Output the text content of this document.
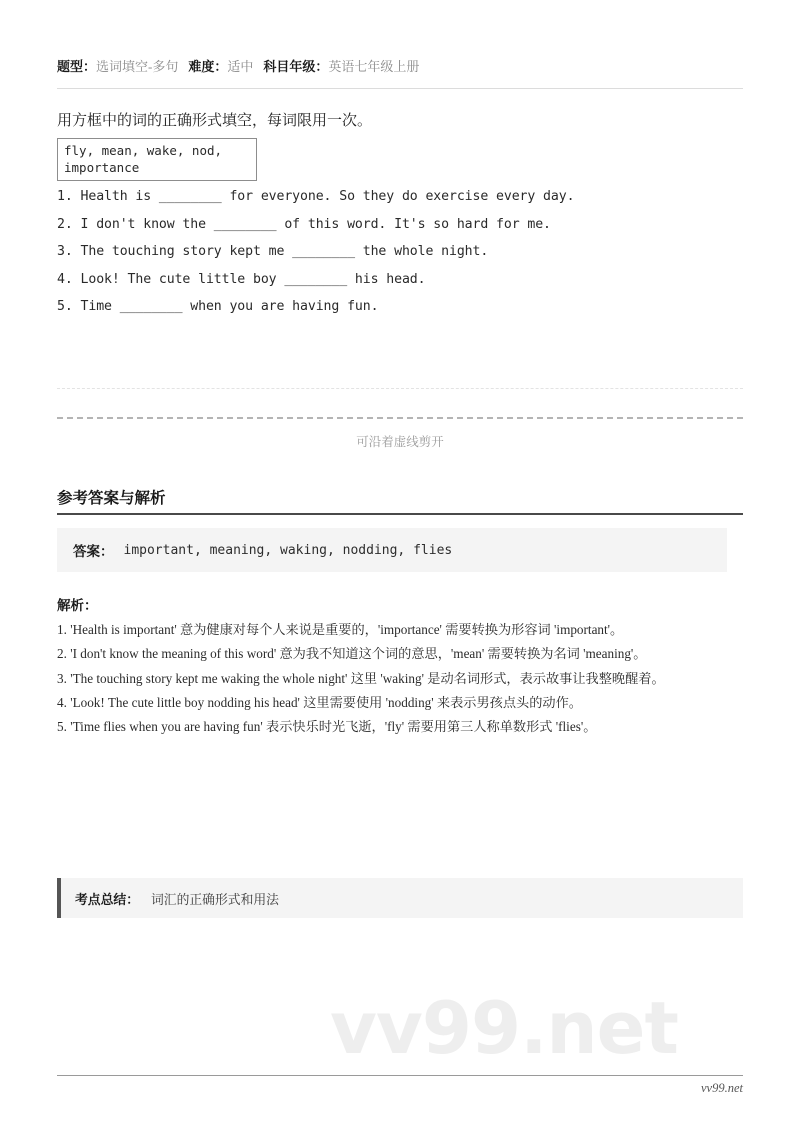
题型：选词填空-多句 难度：适中 科目年级：英语七年级上册
用方框中的词的正确形式填空，每词限用一次。
fly, mean, wake, nod,
importance
1. Health is ________ for everyone. So they do exercise every day.
2. I don't know the ________ of this word. It's so hard for me.
3. The touching story kept me ________ the whole night.
4. Look! The cute little boy ________ his head.
5. Time ________ when you are having fun.
可沿着虚线剪开
参考答案与解析
答案： important, meaning, waking, nodding, flies
解析：

1. 'Health is important' 意为健康对每个人来说是重要的，'importance' 需要转换为形容词 'important'。

2. 'I don't know the meaning of this word' 意为我不知道这个词的意思，'mean' 需要转换为名词 'meaning'。

3. 'The touching story kept me waking the whole night' 这里 'waking' 是动名词形式，表示故事让我整晚醒着。

4. 'Look! The cute little boy nodding his head' 这里需要使用 'nodding' 来表示男孩点头的动作。

5. 'Time flies when you are having fun' 表示快乐时光飞逝，'fly' 需要用第三人称单数形式 'flies'。

考点总结： 词汇的正确形式和用法
vv99.net
vv99.net
